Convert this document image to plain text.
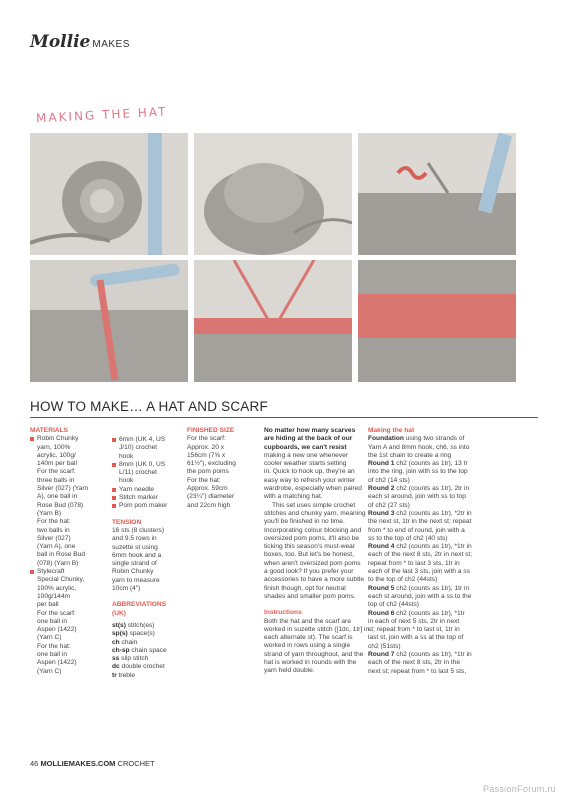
Mollie MAKES
MAKING THE HAT
HOW TO MAKE… A HAT AND SCARF
MATERIALS
Robin Chunky
yarn, 100%
acrylic, 100g/
140m per ball
For the scarf:
three balls in
Silver (027) (Yarn
A), one ball in
Rose Bud (078)
(Yarn B)
For the hat:
two balls in
Silver (027)
(Yarn A), one
ball in Rose Bud
(078) (Yarn B)
Stylecraft
Special Chunky,
100% acrylic,
100g/144m
per ball
For the scarf:
one ball in
Aspen (1422)
(Yarn C)
For the hat:
one ball in
Aspen (1422)
(Yarn C)
6mm (UK 4, US
J/10) crochet
hook
8mm (UK 0, US
L/11) crochet
hook
Yarn needle
Stitch marker
Pom pom maker
TENSION
16 sts (8 clusters)
and 9.5 rows in
suzette st using
6mm hook and a
single strand of
Robin Chunky
yarn to measure
10cm (4")
ABBREVIATIONS
(UK)
st(s) stitch(es)
sp(s) space(s)
ch chain
ch-sp chain space
ss slip stitch
dc double crochet
tr treble
FINISHED SIZE
For the scarf:
Approx. 20 x
156cm (7⅝ x
61½"), excluding
the pom poms
For the hat:
Approx. 59cm
(23¼") diameter
and 22cm high
No matter how many scarves
are hiding at the back of our
cupboards, we can't resist
making a new one whenever
cooler weather starts setting
in. Quick to hook up, they're an
easy way to refresh your winter
wardrobe, especially when paired
with a matching hat.
This set uses simple crochet
stitches and chunky yarn, meaning
you'll be finished in no time.
Incorporating colour blocking and
oversized pom poms, it'll also be
ticking this season's must-wear
boxes, too. But let's be honest,
when aren't oversized pom poms
a good look? If you prefer your
accessories to have a more subtle
finish though, opt for neutral
shades and smaller pom poms.
Instructions
Both the hat and the scarf are
worked in suzette stitch ([1dc, 1tr] in
each alternate st). The scarf is
worked in rows using a single
strand of yarn throughout, and the
hat is worked in rounds with the
yarn held double.
Making the hat
Foundation using two strands of
Yarn A and 8mm hook, ch6, ss into
the 1st chain to create a ring
Round 1 ch2 (counts as 1tr), 13 tr
into the ring, join with ss to the top
of ch2 (14 sts)
Round 2 ch2 (counts as 1tr), 2tr in
each st around, join with ss to top
of ch2 (27 sts)
Round 3 ch2 (counts as 1tr), *2tr in
the next st, 1tr in the next st; repeat
from * to end of round, join with a
ss to the top of ch2 (40 sts)
Round 4 ch2 (counts as 1tr), *1tr in
each of the next 8 sts, 2tr in next st;
repeat from * to last 3 sts, 1tr in
each of the last 3 sts, join with a ss
to the top of ch2 (44sts)
Round 5 ch2 (counts as 1tr), 1tr in
each st around, join with a ss to the
top of ch2 (44sts)
Round 6 ch2 (counts as 1tr), *1tr
in each of next 5 sts, 2tr in next
st; repeat from * to last st, 1tr in
last st, join with a ss at the top of
ch2 (51sts)
Round 7 ch2 (counts as 1tr), *1tr in
each of the next 8 sts, 2tr in the
next st; repeat from * to last 5 sts,
46 MOLLIEMAKES.COM CROCHET
PassionForum.ru
